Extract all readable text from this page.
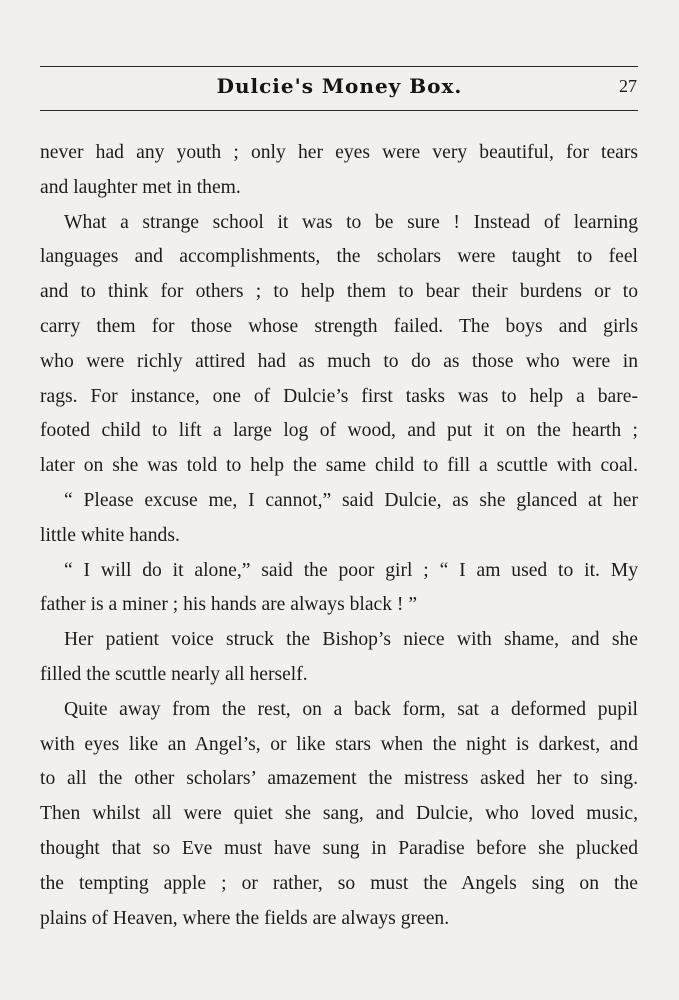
Dulcie's Money Box.	27
never had any youth ; only her eyes were very beautiful, for tears
and laughter met in them.
What a strange school it was to be sure ! Instead of learning
languages and accomplishments, the scholars were taught to feel
and to think for others ; to help them to bear their burdens or to
carry them for those whose strength failed. The boys and girls
who were richly attired had as much to do as those who were in
rags. For instance, one of Dulcie’s first tasks was to help a bare-
footed child to lift a large log of wood, and put it on the hearth ;
later on she was told to help the same child to fill a scuttle with coal.
“ Please excuse me, I cannot,” said Dulcie, as she glanced at her
little white hands.
“ I will do it alone,” said the poor girl ; “ I am used to it. My
father is a miner ; his hands are always black ! ”
Her patient voice struck the Bishop’s niece with shame, and she
filled the scuttle nearly all herself.
Quite away from the rest, on a back form, sat a deformed pupil
with eyes like an Angel’s, or like stars when the night is darkest, and
to all the other scholars’ amazement the mistress asked her to sing.
Then whilst all were quiet she sang, and Dulcie, who loved music,
thought that so Eve must have sung in Paradise before she plucked
the tempting apple ; or rather, so must the Angels sing on the
plains of Heaven, where the fields are always green.
